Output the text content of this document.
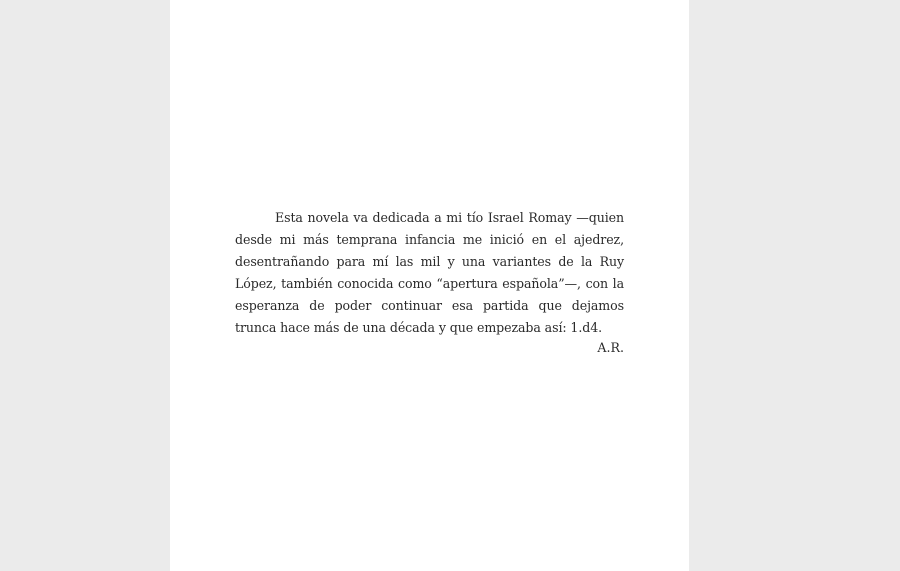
Esta novela va dedicada a mi tío Israel Romay —quien desde mi más temprana infancia me inició en el ajedrez, desentrañando para mí las mil y una variantes de la Ruy López, también conocida como “apertura española”—, con la esperanza de poder continuar esa partida que dejamos trunca hace más de una década y que empezaba así: 1.d4.

A.R.
